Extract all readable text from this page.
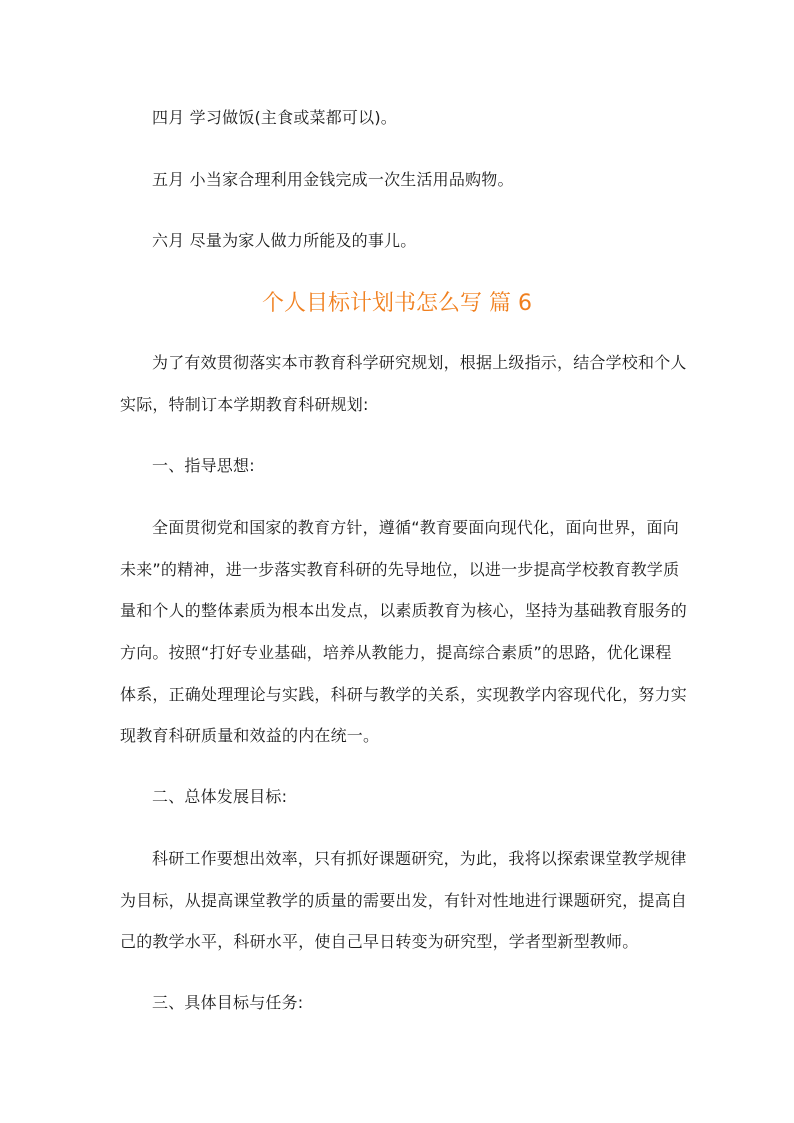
四月 学习做饭(主食或菜都可以)。
五月 小当家合理利用金钱完成一次生活用品购物。
六月 尽量为家人做力所能及的事儿。
个人目标计划书怎么写 篇 6
为了有效贯彻落实本市教育科学研究规划，根据上级指示，结合学校和个人
实际，特制订本学期教育科研规划:
一、指导思想:
全面贯彻党和国家的教育方针，遵循“教育要面向现代化，面向世界，面向
未来”的精神，进一步落实教育科研的先导地位，以进一步提高学校教育教学质
量和个人的整体素质为根本出发点，以素质教育为核心，坚持为基础教育服务的
方向。按照“打好专业基础，培养从教能力，提高综合素质”的思路，优化课程
体系，正确处理理论与实践，科研与教学的关系，实现教学内容现代化，努力实
现教育科研质量和效益的内在统一。
二、总体发展目标:
科研工作要想出效率，只有抓好课题研究，为此，我将以探索课堂教学规律
为目标，从提高课堂教学的质量的需要出发，有针对性地进行课题研究，提高自
己的教学水平，科研水平，使自己早日转变为研究型，学者型新型教师。
三、具体目标与任务:
